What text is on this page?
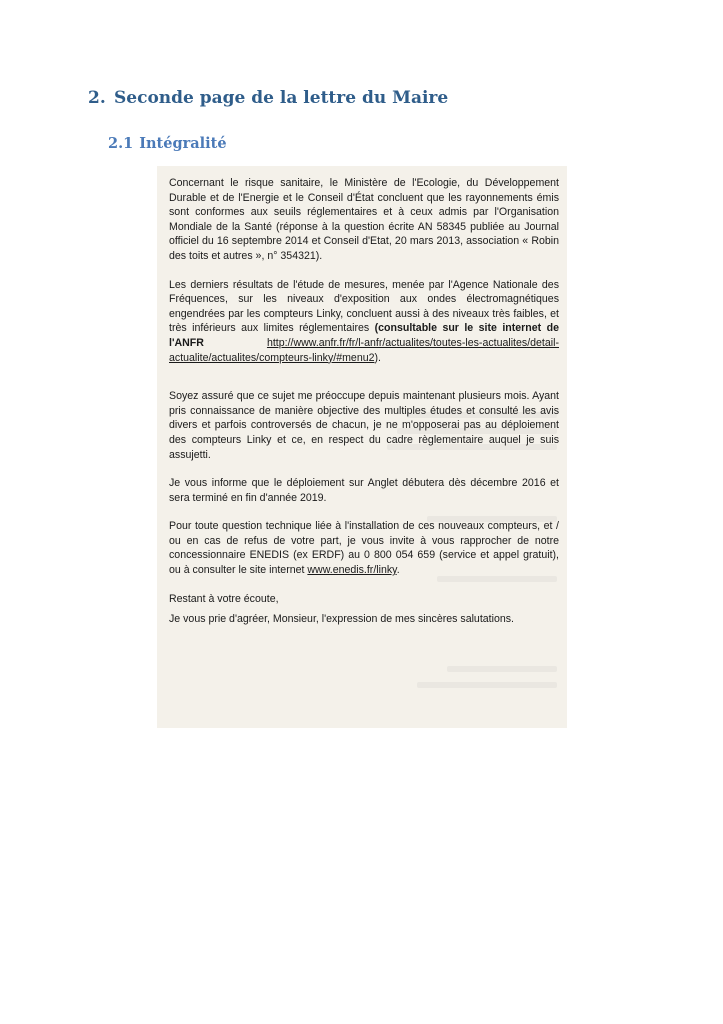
2. Seconde page de la lettre du Maire
2.1 Intégralité

Concernant le risque sanitaire, le Ministère de l'Ecologie, du Développement Durable et de l'Energie et le Conseil d'État concluent que les rayonnements émis sont conformes aux seuils réglementaires et à ceux admis par l'Organisation Mondiale de la Santé (réponse à la question écrite AN 58345 publiée au Journal officiel du 16 septembre 2014 et Conseil d'Etat, 20 mars 2013, association « Robin des toits et autres », n° 354321).

Les derniers résultats de l'étude de mesures, menée par l'Agence Nationale des Fréquences, sur les niveaux d'exposition aux ondes électromagnétiques engendrées par les compteurs Linky, concluent aussi à des niveaux très faibles, et très inférieurs aux limites réglementaires (consultable sur le site internet de l'ANFR	http://www.anfr.fr/fr/l-anfr/actualites/toutes-les-actualites/detail-actualite/actualites/compteurs-linky/#menu2).

Soyez assuré que ce sujet me préoccupe depuis maintenant plusieurs mois. Ayant pris connaissance de manière objective des multiples études et consulté les avis divers et parfois controversés de chacun, je ne m'opposerai pas au déploiement des compteurs Linky et ce, en respect du cadre règlementaire auquel je suis assujetti.

Je vous informe que le déploiement sur Anglet débutera dès décembre 2016 et sera terminé en fin d'année 2019.

Pour toute question technique liée à l'installation de ces nouveaux compteurs, et / ou en cas de refus de votre part, je vous invite à vous rapprocher de notre concessionnaire ENEDIS (ex ERDF) au 0 800 054 659 (service et appel gratuit), ou à consulter le site internet www.enedis.fr/linky.

Restant à votre écoute,

Je vous prie d'agréer, Monsieur, l'expression de mes sincères salutations.
